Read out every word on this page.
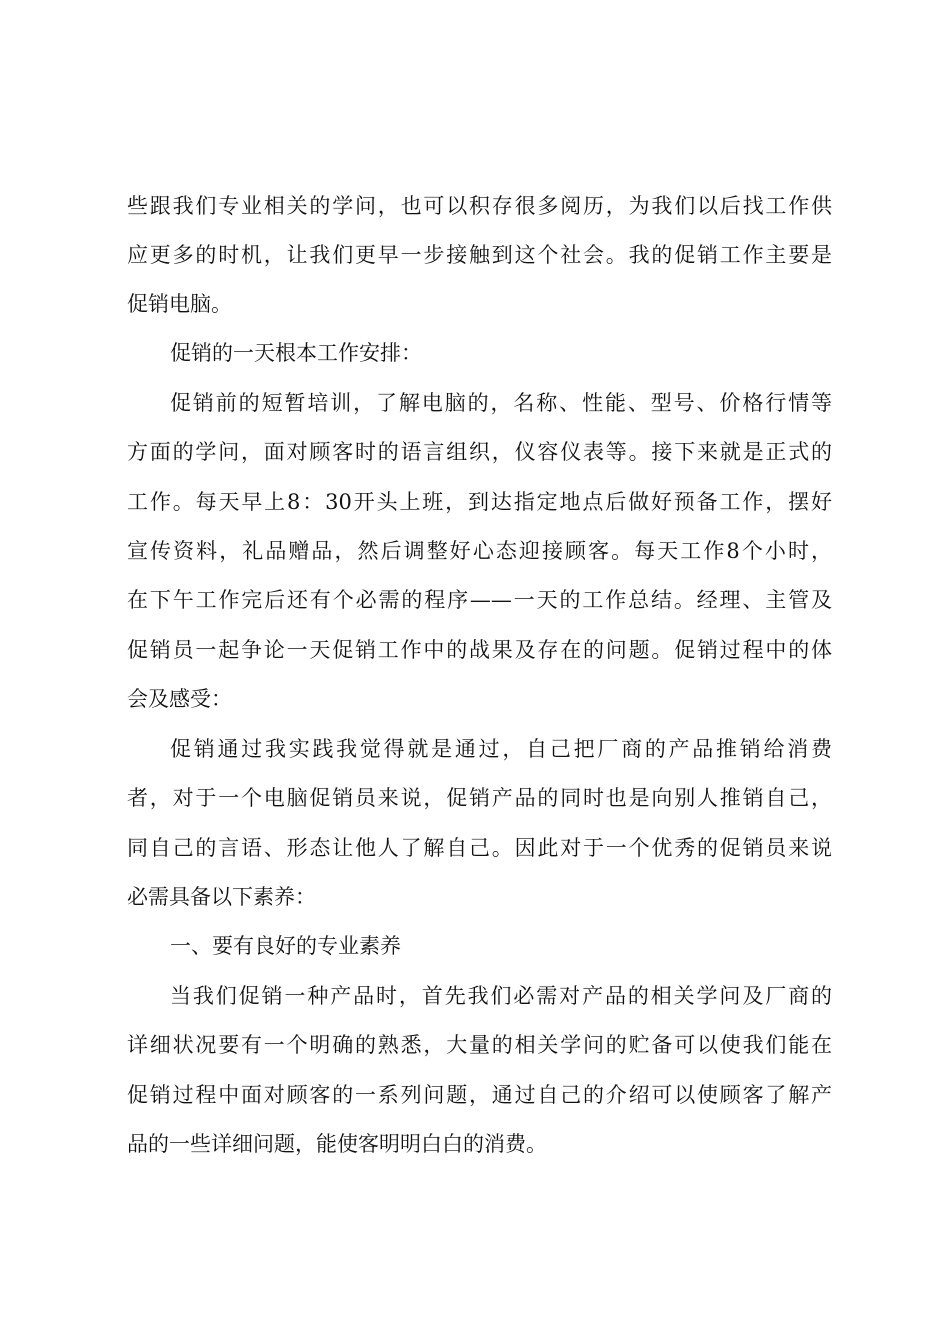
些跟我们专业相关的学问，也可以积存很多阅历，为我们以后找工作供

应更多的时机，让我们更早一步接触到这个社会。我的促销工作主要是

促销电脑。

促销的一天根本工作安排：

促销前的短暂培训，了解电脑的，名称、性能、型号、价格行情等

方面的学问，面对顾客时的语言组织，仪容仪表等。接下来就是正式的

工作。每天早上8：30开头上班，到达指定地点后做好预备工作，摆好

宣传资料，礼品赠品，然后调整好心态迎接顾客。每天工作8个小时，

在下午工作完后还有个必需的程序——一天的工作总结。经理、主管及

促销员一起争论一天促销工作中的战果及存在的问题。促销过程中的体

会及感受：

促销通过我实践我觉得就是通过，自己把厂商的产品推销给消费

者，对于一个电脑促销员来说，促销产品的同时也是向别人推销自己，

同自己的言语、形态让他人了解自己。因此对于一个优秀的促销员来说

必需具备以下素养：

一、要有良好的专业素养

当我们促销一种产品时，首先我们必需对产品的相关学问及厂商的

详细状况要有一个明确的熟悉，大量的相关学问的贮备可以使我们能在

促销过程中面对顾客的一系列问题，通过自己的介绍可以使顾客了解产

品的一些详细问题，能使客明明白白的消费。
